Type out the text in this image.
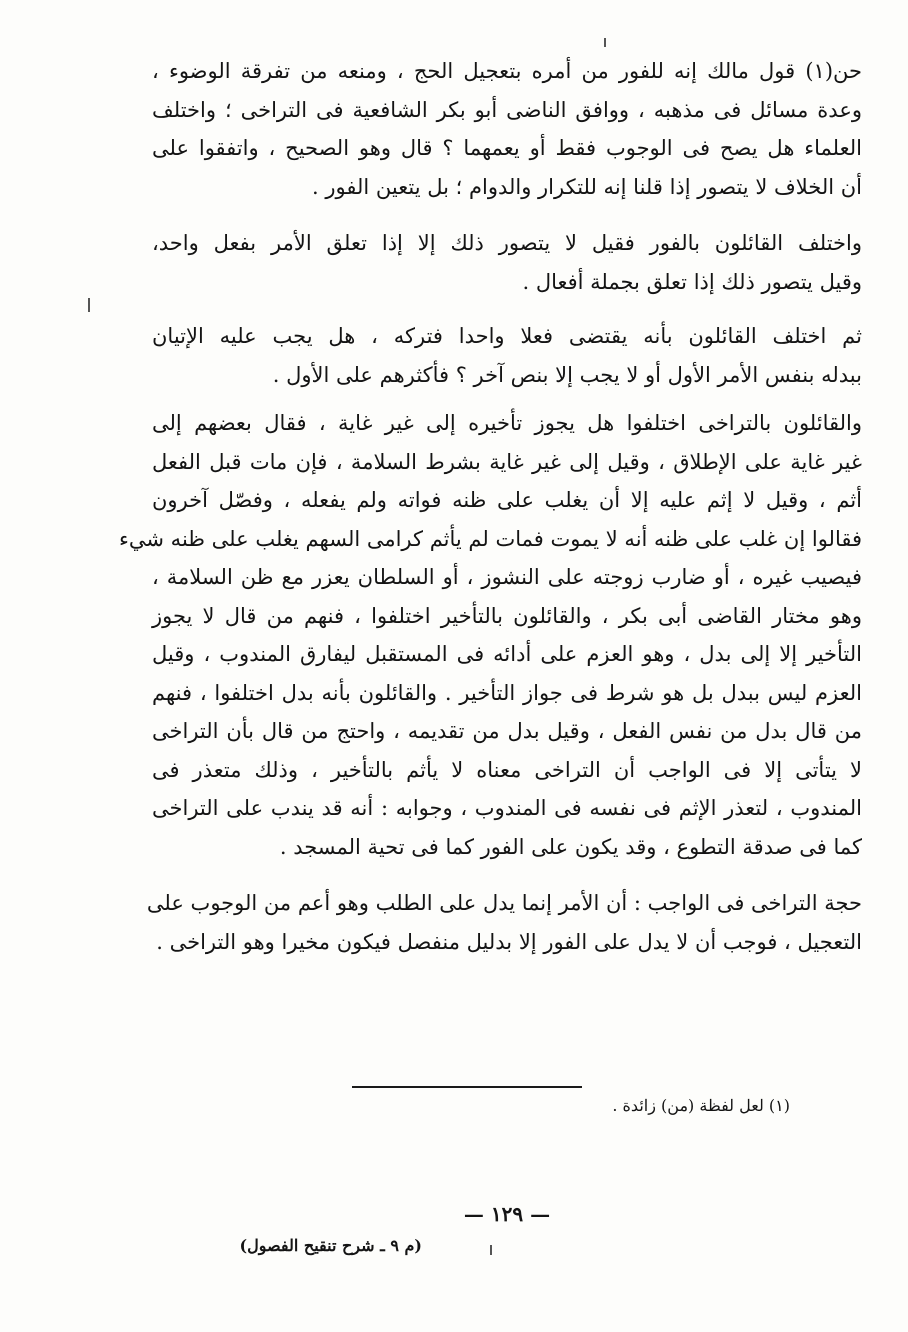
حن(١) قول مالك إنه للفور من أمره بتعجيل الحج ، ومنعه من تفرقة الوضوء ،
وعدة مسائل فى مذهبه ، ووافق الناضى أبو بكر الشافعية فى التراخى ؛ واختلف
العلماء هل يصح فى الوجوب فقط أو يعمهما ؟ قال وهو الصحيح ، واتفقوا على
أن الخلاف لا يتصور إذا قلنا إنه للتكرار والدوام ؛ بل يتعين الفور .

واختلف القائلون بالفور فقيل لا يتصور ذلك إلا إذا تعلق الأمر بفعل واحد،
وقيل يتصور ذلك إذا تعلق بجملة أفعال .

ثم اختلف القائلون بأنه يقتضى فعلا واحدا فتركه ، هل يجب عليه الإتيان
ببدله بنفس الأمر الأول أو لا يجب إلا بنص آخر ؟ فأكثرهم على الأول .

والقائلون بالتراخى اختلفوا هل يجوز تأخيره إلى غير غاية ، فقال بعضهم إلى
غير غاية على الإطلاق ، وقيل إلى غير غاية بشرط السلامة ، فإن مات قبل الفعل
أثم ، وقيل لا إثم عليه إلا أن يغلب على ظنه فواته ولم يفعله ، وفصّل آخرون
فقالوا إن غلب على ظنه أنه لا يموت فمات لم يأثم كرامى السهم يغلب على ظنه شيء
فيصيب غيره ، أو ضارب زوجته على النشوز ، أو السلطان يعزر مع ظن السلامة ،
وهو مختار القاضى أبى بكر ، والقائلون بالتأخير اختلفوا ، فنهم من قال لا يجوز
التأخير إلا إلى بدل ، وهو العزم على أدائه فى المستقبل ليفارق المندوب ، وقيل
العزم ليس ببدل بل هو شرط فى جواز التأخير . والقائلون بأنه بدل اختلفوا ، فنهم
من قال بدل من نفس الفعل ، وقيل بدل من تقديمه ، واحتج من قال بأن التراخى
لا يتأتى إلا فى الواجب أن التراخى معناه لا يأثم بالتأخير ، وذلك متعذر فى
المندوب ، لتعذر الإثم فى نفسه فى المندوب ، وجوابه : أنه قد يندب على التراخى
كما فى صدقة التطوع ، وقد يكون على الفور كما فى تحية المسجد .

حجة التراخى فى الواجب : أن الأمر إنما يدل على الطلب وهو أعم من الوجوب على
التعجيل ، فوجب أن لا يدل على الفور إلا بدليل منفصل فيكون مخيرا وهو التراخى .

(١) لعل لفظة (من) زائدة .
— ١٢٩ —
(م ٩ ـ شرح تنقيح الفصول)
